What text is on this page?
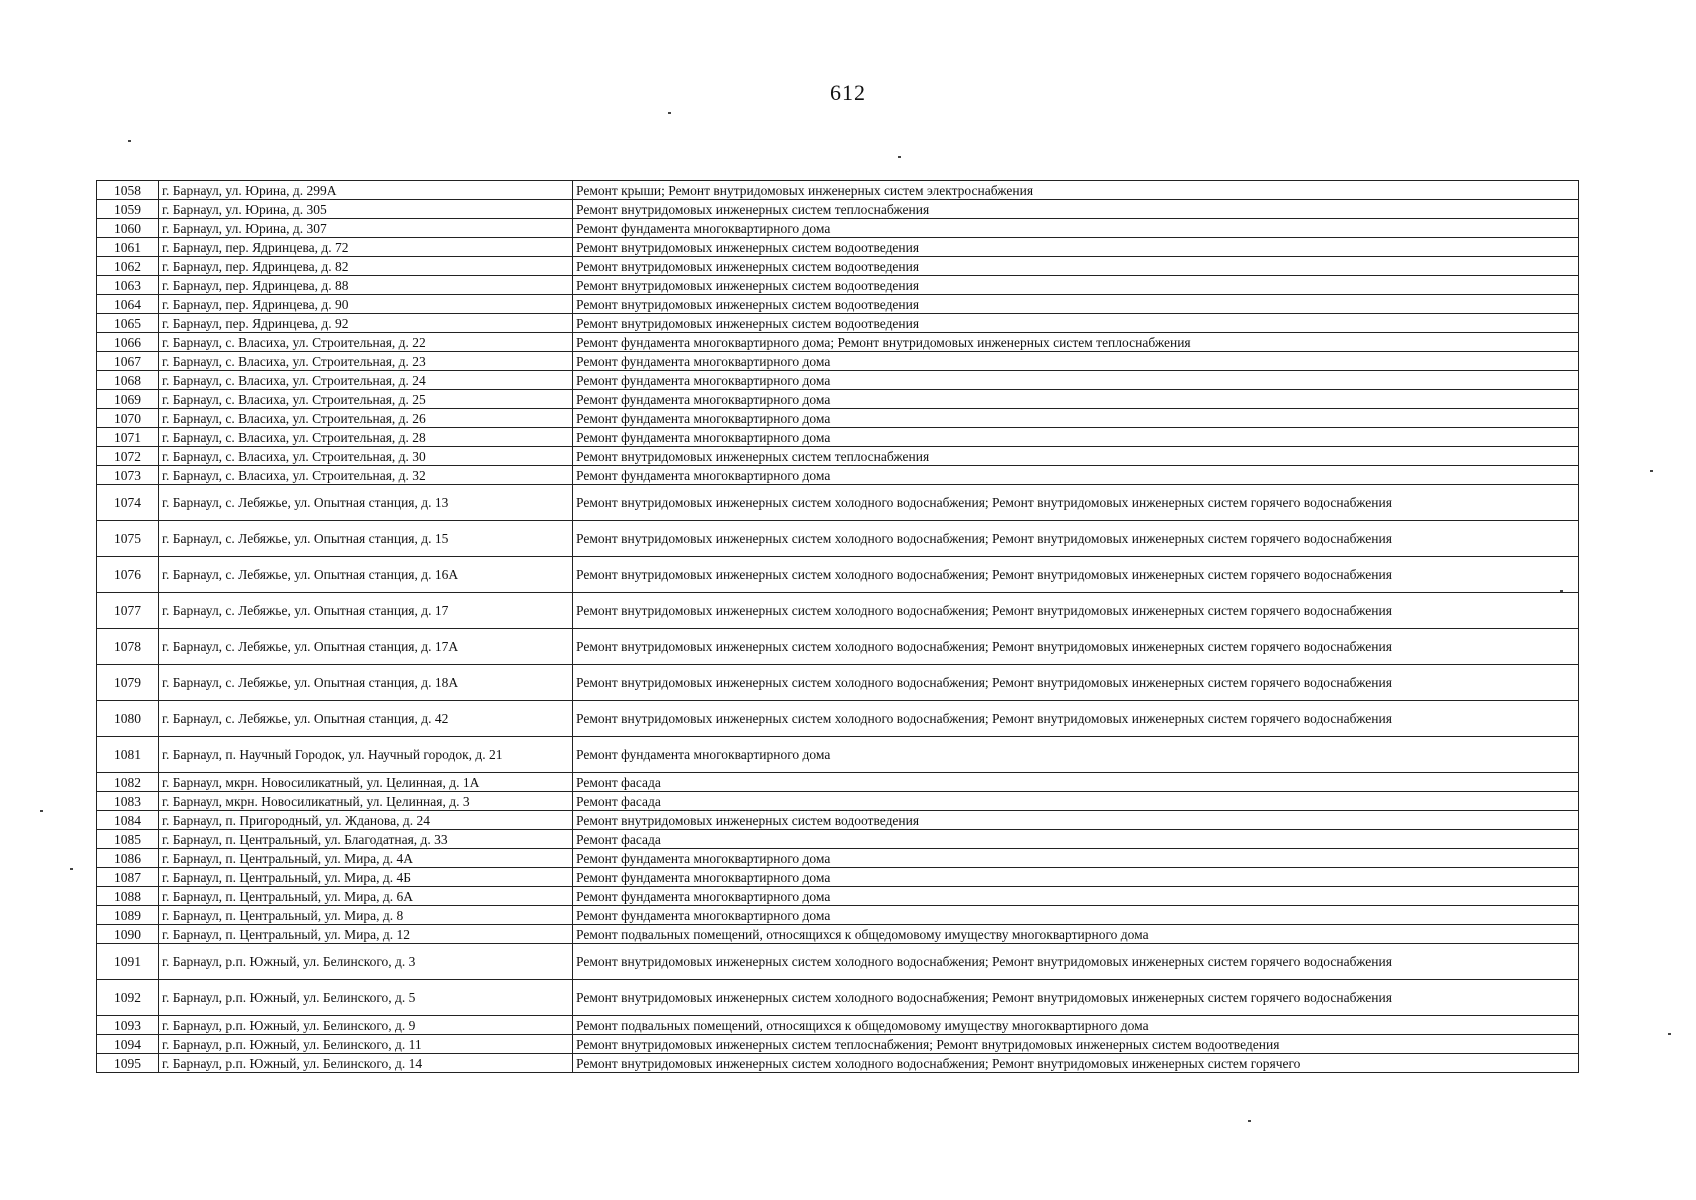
612
1058	г. Барнаул, ул. Юрина, д. 299А	Ремонт крыши; Ремонт внутридомовых инженерных систем электроснабжения
1059	г. Барнаул, ул. Юрина, д. 305	Ремонт внутридомовых инженерных систем теплоснабжения
1060	г. Барнаул, ул. Юрина, д. 307	Ремонт фундамента многоквартирного дома
1061	г. Барнаул, пер. Ядринцева, д. 72	Ремонт внутридомовых инженерных систем водоотведения
1062	г. Барнаул, пер. Ядринцева, д. 82	Ремонт внутридомовых инженерных систем водоотведения
1063	г. Барнаул, пер. Ядринцева, д. 88	Ремонт внутридомовых инженерных систем водоотведения
1064	г. Барнаул, пер. Ядринцева, д. 90	Ремонт внутридомовых инженерных систем водоотведения
1065	г. Барнаул, пер. Ядринцева, д. 92	Ремонт внутридомовых инженерных систем водоотведения
1066	г. Барнаул, с. Власиха, ул. Строительная, д. 22	Ремонт фундамента многоквартирного дома; Ремонт внутридомовых инженерных систем теплоснабжения
1067	г. Барнаул, с. Власиха, ул. Строительная, д. 23	Ремонт фундамента многоквартирного дома
1068	г. Барнаул, с. Власиха, ул. Строительная, д. 24	Ремонт фундамента многоквартирного дома
1069	г. Барнаул, с. Власиха, ул. Строительная, д. 25	Ремонт фундамента многоквартирного дома
1070	г. Барнаул, с. Власиха, ул. Строительная, д. 26	Ремонт фундамента многоквартирного дома
1071	г. Барнаул, с. Власиха, ул. Строительная, д. 28	Ремонт фундамента многоквартирного дома
1072	г. Барнаул, с. Власиха, ул. Строительная, д. 30	Ремонт внутридомовых инженерных систем теплоснабжения
1073	г. Барнаул, с. Власиха, ул. Строительная, д. 32	Ремонт фундамента многоквартирного дома
1074	г. Барнаул, с. Лебяжье, ул. Опытная станция, д. 13	Ремонт внутридомовых инженерных систем холодного водоснабжения; Ремонт внутридомовых инженерных систем горячего водоснабжения
1075	г. Барнаул, с. Лебяжье, ул. Опытная станция, д. 15	Ремонт внутридомовых инженерных систем холодного водоснабжения; Ремонт внутридомовых инженерных систем горячего водоснабжения
1076	г. Барнаул, с. Лебяжье, ул. Опытная станция, д. 16А	Ремонт внутридомовых инженерных систем холодного водоснабжения; Ремонт внутридомовых инженерных систем горячего водоснабжения
1077	г. Барнаул, с. Лебяжье, ул. Опытная станция, д. 17	Ремонт внутридомовых инженерных систем холодного водоснабжения; Ремонт внутридомовых инженерных систем горячего водоснабжения
1078	г. Барнаул, с. Лебяжье, ул. Опытная станция, д. 17А	Ремонт внутридомовых инженерных систем холодного водоснабжения; Ремонт внутридомовых инженерных систем горячего водоснабжения
1079	г. Барнаул, с. Лебяжье, ул. Опытная станция, д. 18А	Ремонт внутридомовых инженерных систем холодного водоснабжения; Ремонт внутридомовых инженерных систем горячего водоснабжения
1080	г. Барнаул, с. Лебяжье, ул. Опытная станция, д. 42	Ремонт внутридомовых инженерных систем холодного водоснабжения; Ремонт внутридомовых инженерных систем горячего водоснабжения
1081	г. Барнаул, п. Научный Городок, ул. Научный городок, д. 21	Ремонт фундамента многоквартирного дома
1082	г. Барнаул, мкрн. Новосиликатный, ул. Целинная, д. 1А	Ремонт фасада
1083	г. Барнаул, мкрн. Новосиликатный, ул. Целинная, д. 3	Ремонт фасада
1084	г. Барнаул, п. Пригородный, ул. Жданова, д. 24	Ремонт внутридомовых инженерных систем водоотведения
1085	г. Барнаул, п. Центральный, ул. Благодатная, д. 33	Ремонт фасада
1086	г. Барнаул, п. Центральный, ул. Мира, д. 4А	Ремонт фундамента многоквартирного дома
1087	г. Барнаул, п. Центральный, ул. Мира, д. 4Б	Ремонт фундамента многоквартирного дома
1088	г. Барнаул, п. Центральный, ул. Мира, д. 6А	Ремонт фундамента многоквартирного дома
1089	г. Барнаул, п. Центральный, ул. Мира, д. 8	Ремонт фундамента многоквартирного дома
1090	г. Барнаул, п. Центральный, ул. Мира, д. 12	Ремонт подвальных помещений, относящихся к общедомовому имуществу многоквартирного дома
1091	г. Барнаул, р.п. Южный, ул. Белинского, д. 3	Ремонт внутридомовых инженерных систем холодного водоснабжения; Ремонт внутридомовых инженерных систем горячего водоснабжения
1092	г. Барнаул, р.п. Южный, ул. Белинского, д. 5	Ремонт внутридомовых инженерных систем холодного водоснабжения; Ремонт внутридомовых инженерных систем горячего водоснабжения
1093	г. Барнаул, р.п. Южный, ул. Белинского, д. 9	Ремонт подвальных помещений, относящихся к общедомовому имуществу многоквартирного дома
1094	г. Барнаул, р.п. Южный, ул. Белинского, д. 11	Ремонт внутридомовых инженерных систем теплоснабжения; Ремонт внутридомовых инженерных систем водоотведения
1095	г. Барнаул, р.п. Южный, ул. Белинского, д. 14	Ремонт внутридомовых инженерных систем холодного водоснабжения; Ремонт внутридомовых инженерных систем горячего
